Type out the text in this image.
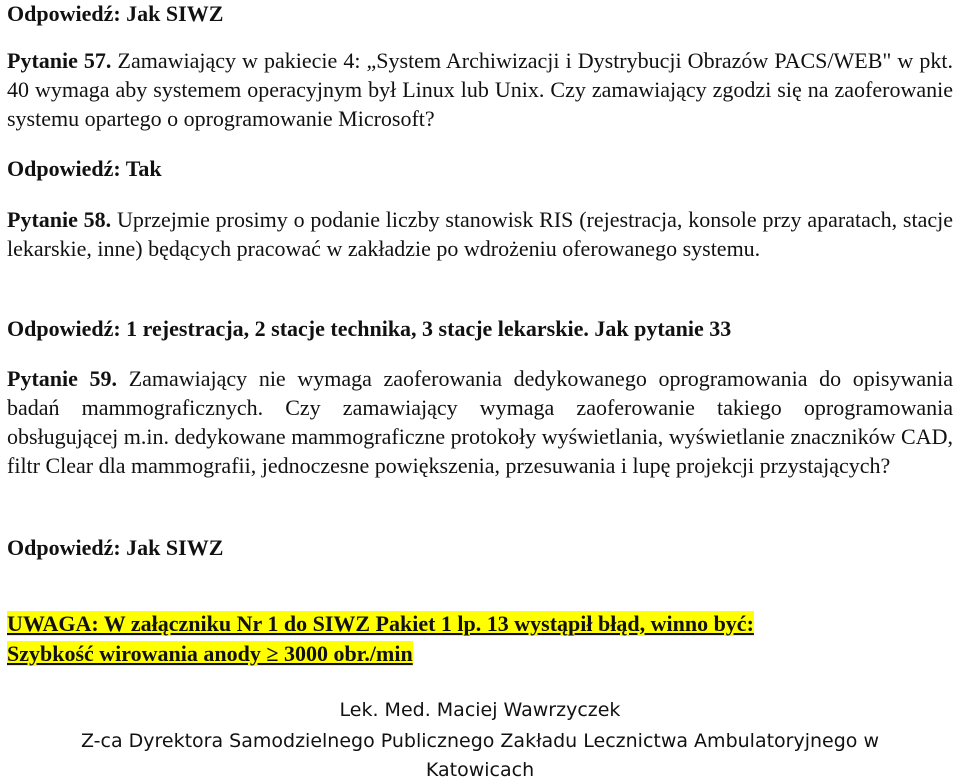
Odpowiedź: Jak SIWZ
Pytanie 57. Zamawiający w pakiecie 4: „System Archiwizacji i Dystrybucji Obrazów PACS/WEB" w pkt. 40 wymaga aby systemem operacyjnym był Linux lub Unix. Czy zamawiający zgodzi się na zaoferowanie systemu opartego o oprogramowanie Microsoft?
Odpowiedź: Tak
Pytanie 58. Uprzejmie prosimy o podanie liczby stanowisk RIS (rejestracja, konsole przy aparatach, stacje lekarskie, inne) będących pracować w zakładzie po wdrożeniu oferowanego systemu.
Odpowiedź: 1 rejestracja, 2 stacje technika, 3 stacje lekarskie. Jak pytanie 33
Pytanie 59. Zamawiający nie wymaga zaoferowania dedykowanego oprogramowania do opisywania badań mammograficznych. Czy zamawiający wymaga zaoferowanie takiego oprogramowania obsługującej m.in. dedykowane mammograficzne protokoły wyświetlania, wyświetlanie znaczników CAD, filtr Clear dla mammografii, jednoczesne powiększenia, przesuwania i lupę projekcji przystających?
Odpowiedź: Jak SIWZ
UWAGA: W załączniku Nr 1 do SIWZ Pakiet 1 lp. 13 wystąpił błąd, winno być:
Szybkość wirowania anody ≥ 3000 obr./min
Lek. Med. Maciej Wawrzyczek
Z-ca Dyrektora Samodzielnego Publicznego Zakładu Lecznictwa Ambulatoryjnego w
Katowicach
